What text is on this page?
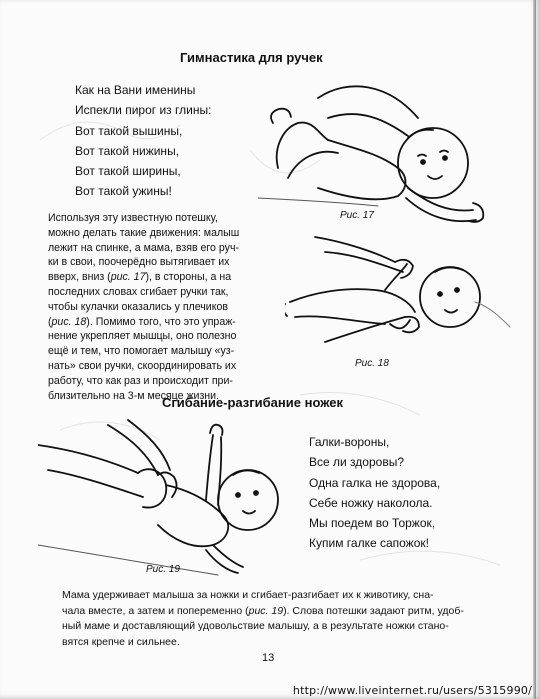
Гимнастика для ручек
Как на Вани именины
Испекли пирог из глины:
Вот такой вышины,
Вот такой нижины,
Вот такой ширины,
Вот такой ужины!
Используя эту известную потешку,
можно делать такие движения: малыш
лежит на спинке, а мама, взяв его руч-
ки в свои, поочерёдно вытягивает их
вверх, вниз (рис. 17), в стороны, а на
последних словах сгибает ручки так,
чтобы кулачки оказались у плечиков
(рис. 18). Помимо того, что это упраж-
нение укрепляет мышцы, оно полезно
ещё и тем, что помогает малышу «уз-
нать» свои ручки, скоординировать их
работу, что как раз и происходит при-
близительно на 3-м месяце жизни.
Рис. 17
Рис. 18
Сгибание-разгибание ножек
Рис. 19
Галки-вороны,
Все ли здоровы?
Одна галка не здорова,
Себе ножку наколола.
Мы поедем во Торжок,
Купим галке сапожок!
Мама удерживает малыша за ножки и сгибает-разгибает их к животику, сна-
чала вместе, а затем и попеременно (рис. 19). Слова потешки задают ритм, удоб-
ный маме и доставляющий удовольствие малышу, а в результате ножки стано-
вятся крепче и сильнее.
13
http://www.liveinternet.ru/users/5315990/
